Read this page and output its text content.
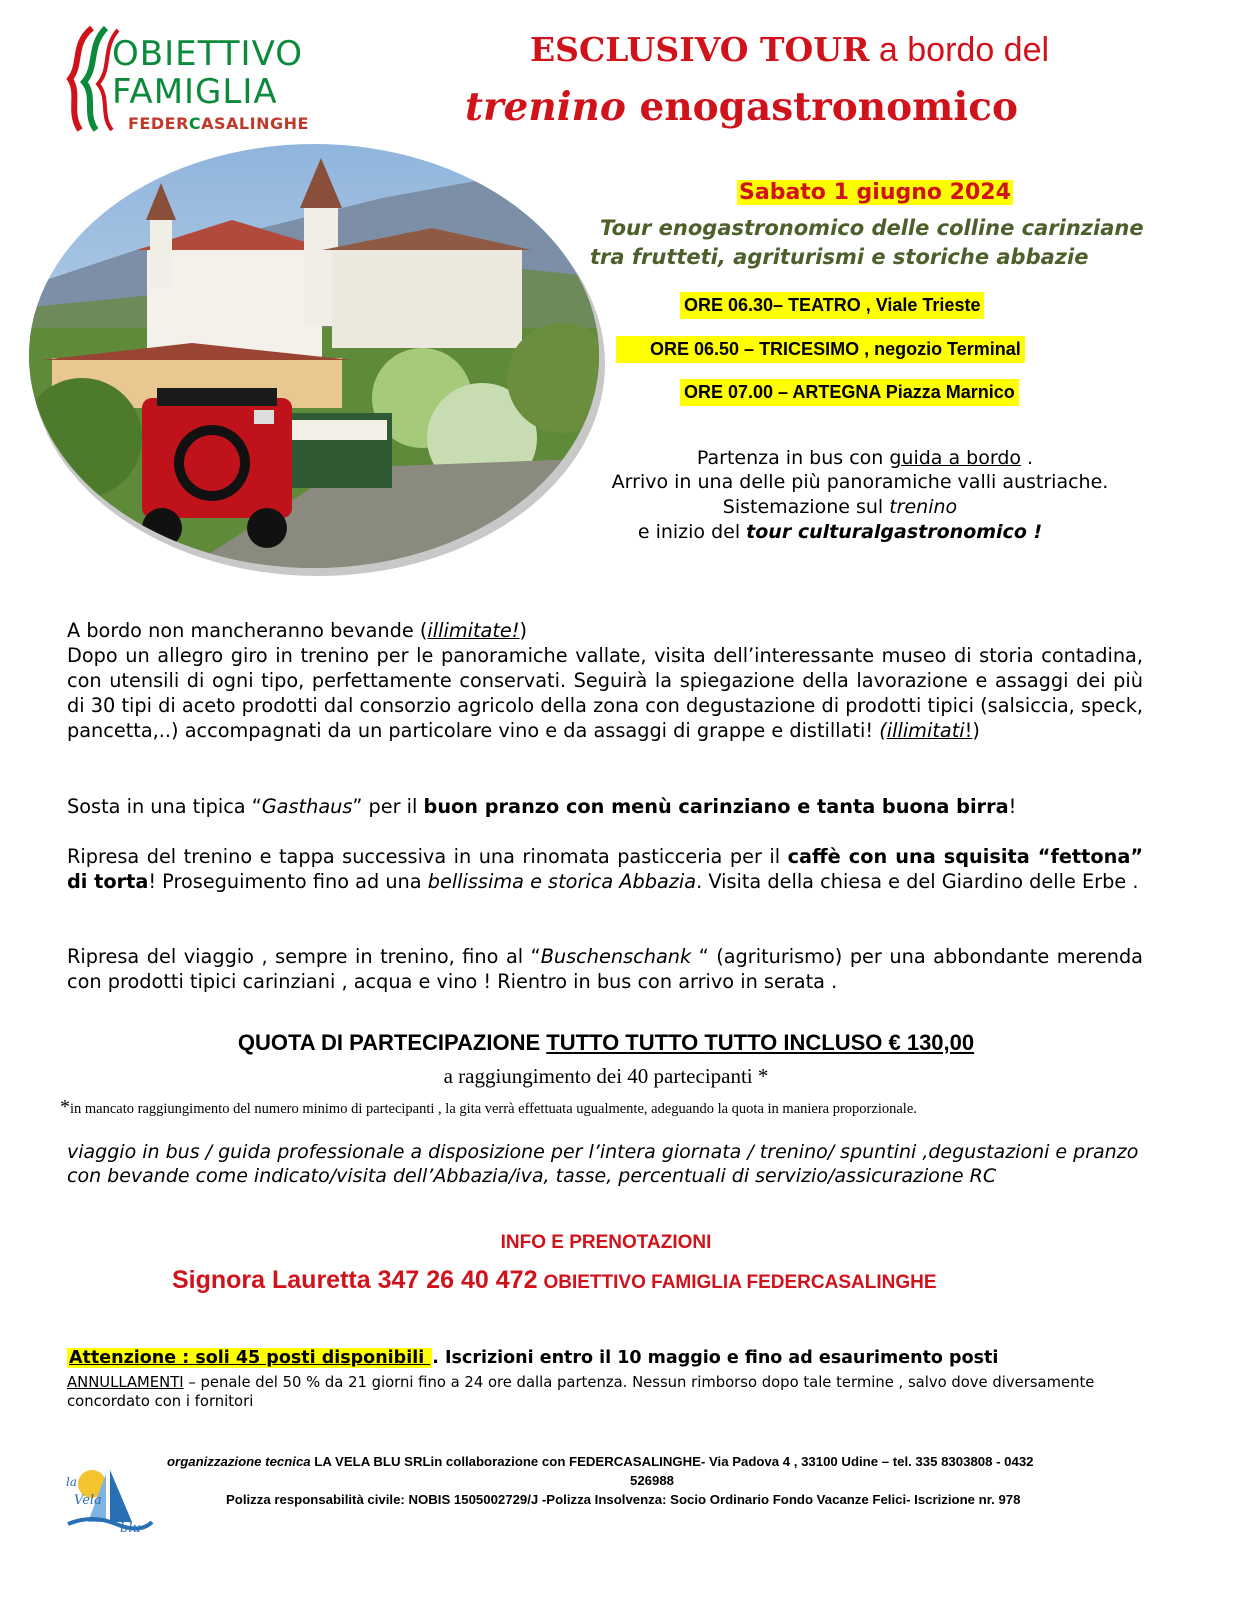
OBIETTIVO
FAMIGLIA
FEDERCASALINGHE
ESCLUSIVO TOUR a bordo del
trenino enogastronomico
Sabato 1 giugno 2024
Tour enogastronomico delle colline carinziane
tra frutteti, agriturismi e storiche abbazie
ORE 06.30– TEATRO , Viale Trieste
ORE 06.50 – TRICESIMO , negozio Terminal
ORE 07.00 – ARTEGNA Piazza Marnico
Partenza in bus con guida a bordo .
Arrivo in una delle più panoramiche valli austriache.
Sistemazione sul trenino
e inizio del tour culturalgastronomico !
A bordo non mancheranno bevande (illimitate!)
Dopo un allegro giro in trenino per le panoramiche vallate, visita dell’interessante museo di storia contadina, con utensili di ogni tipo, perfettamente conservati. Seguirà la spiegazione della lavorazione e assaggi dei più di 30 tipi di aceto prodotti dal consorzio agricolo della zona con degustazione di prodotti tipici (salsiccia, speck, pancetta,..) accompagnati da un particolare vino e da assaggi di grappe e distillati! (illimitati!)
Sosta in una tipica “Gasthaus” per il buon pranzo con menù carinziano e tanta buona birra!
Ripresa del trenino e tappa successiva in una rinomata pasticceria per il caffè con una squisita “fettona” di torta! Proseguimento fino ad una bellissima e storica Abbazia. Visita della chiesa e del Giardino delle Erbe .
Ripresa del viaggio , sempre in trenino, fino al “Buschenschank “ (agriturismo) per una abbondante merenda con prodotti tipici carinziani , acqua e vino ! Rientro in bus con arrivo in serata .
QUOTA DI PARTECIPAZIONE TUTTO TUTTO TUTTO INCLUSO € 130,00
a raggiungimento dei 40 partecipanti *
*in mancato raggiungimento del numero minimo di partecipanti , la gita verrà effettuata ugualmente, adeguando la quota in maniera proporzionale.
viaggio in bus / guida professionale a disposizione per l’intera giornata / trenino/ spuntini ,degustazioni e pranzo con bevande come indicato/visita dell’Abbazia/iva, tasse, percentuali di servizio/assicurazione RC
INFO E PRENOTAZIONI
Signora Lauretta 347 26 40 472 OBIETTIVO FAMIGLIA FEDERCASALINGHE
Attenzione : soli 45 posti disponibili . Iscrizioni entro il 10 maggio e fino ad esaurimento posti
ANNULLAMENTI – penale del 50 % da 21 giorni fino a 24 ore dalla partenza. Nessun rimborso dopo tale termine , salvo dove diversamente concordato con i fornitori
la
Vela
blu
organizzazione tecnica LA VELA BLU SRLin collaborazione con FEDERCASALINGHE- Via Padova 4 , 33100 Udine – tel. 335 8303808 - 0432
526988
Polizza responsabilità civile: NOBIS 1505002729/J -Polizza Insolvenza: Socio Ordinario Fondo Vacanze Felici- Iscrizione nr. 978
